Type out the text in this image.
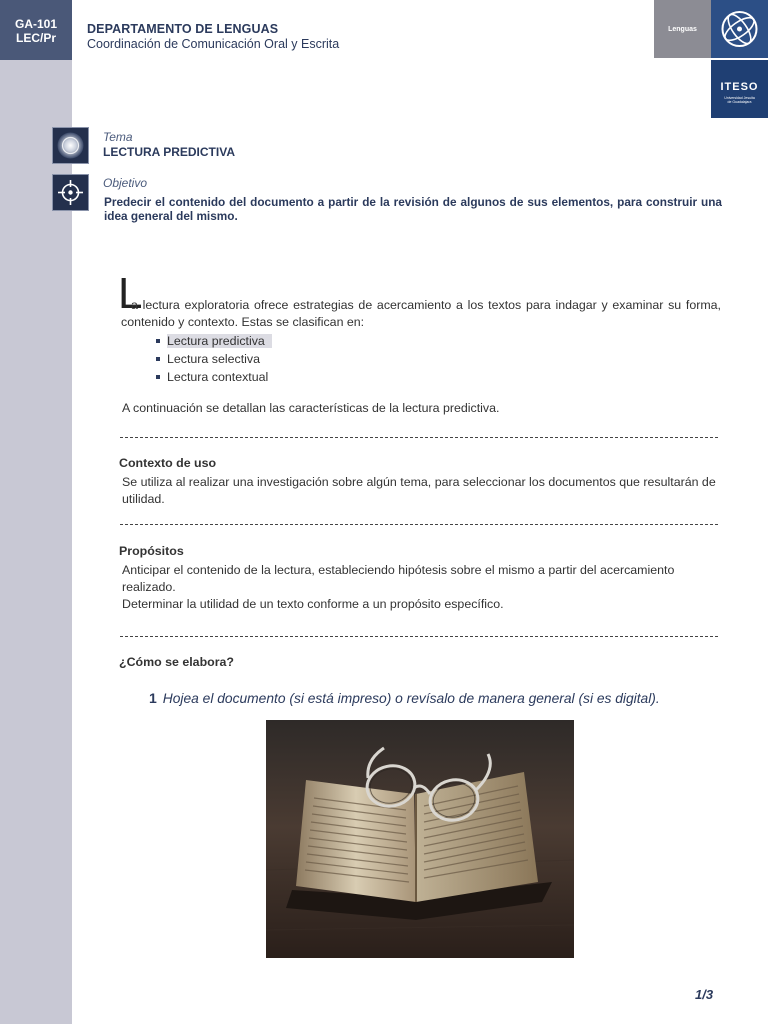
GA-101
LEC/Pr
DEPARTAMENTO DE LENGUAS
Coordinación de Comunicación Oral y Escrita
Lenguas
ITESO
Universidad Jesuita
de Guadalajara
Tema
LECTURA PREDICTIVA
Objetivo
Predecir el contenido del documento a partir de la revisión de algunos de sus elementos, para construir una idea general del mismo.
L
a lectura exploratoria ofrece estrategias de acercamiento a los textos para indagar y examinar su forma, contenido y contexto. Estas se clasifican en:
Lectura predictiva
Lectura selectiva
Lectura contextual
A continuación se detallan las características de la lectura predictiva.
Contexto de uso
Se utiliza al realizar una investigación sobre algún tema, para seleccionar los documentos que resultarán de utilidad.
Propósitos
Anticipar el contenido de la lectura, estableciendo hipótesis sobre el mismo a partir del acercamiento realizado.
Determinar la utilidad de un texto conforme a un propósito específico.
¿Cómo se elabora?
1 Hojea el documento (si está impreso) o revísalo de manera general (si es digital).
1/3
